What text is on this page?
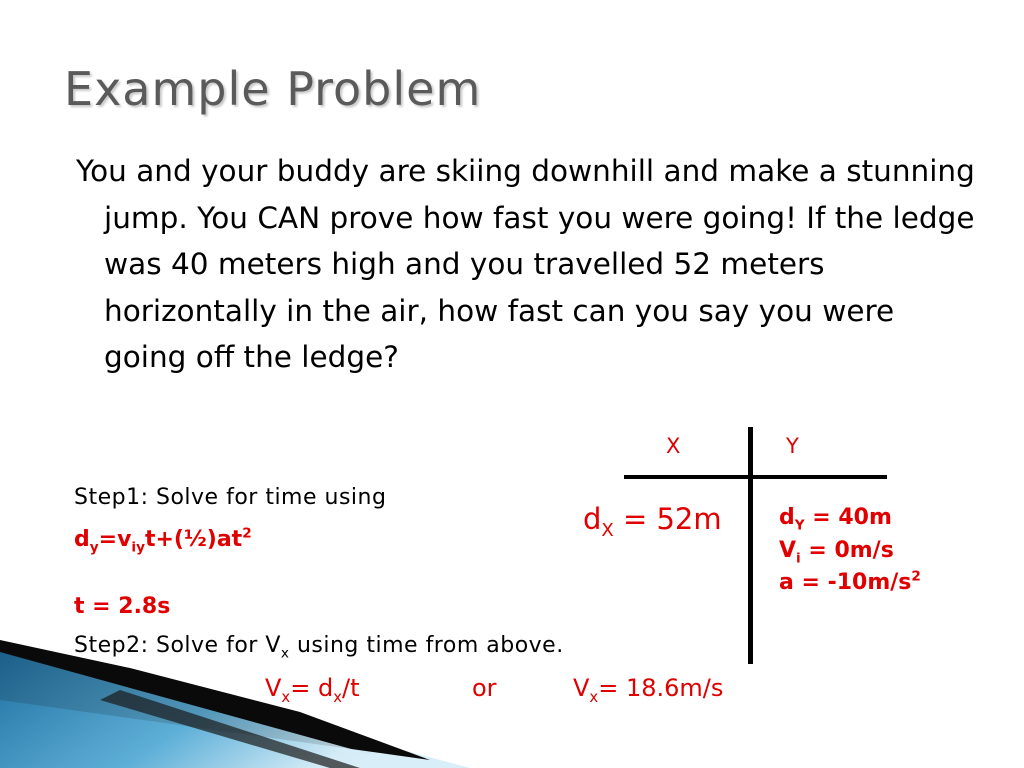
Example Problem

You and your buddy are skiing downhill and make a stunning jump. You CAN prove how fast you were going! If the ledge was 40 meters high and you travelled 52 meters horizontally in the air, how fast can you say you were going off the ledge?

X	Y
$d_X = 52m$	$d_Y = 40m$
$V_i = 0m/s$
$a = -10m/s^2$
Step1: Solve for time using
$d_y=v_{iy}t+(\frac{1}{2})at^2$
t = 2.8s
Step2: Solve for $V_x$ using time from above.
$V_x= d_x/t$	or	$V_x= 18.6m/s$
